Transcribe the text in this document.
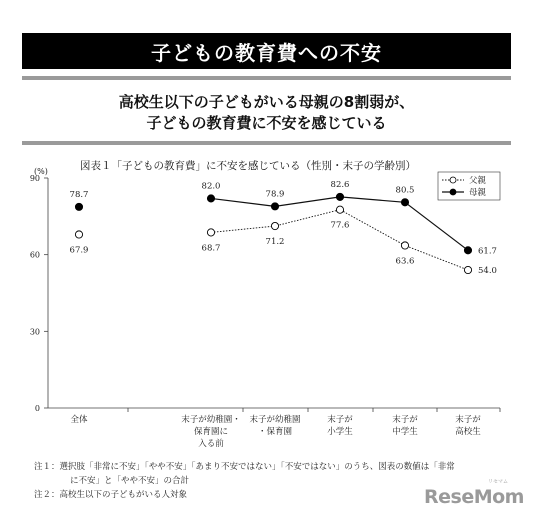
子どもの教育費への不安
高校生以下の子どもがいる母親の8割弱が、
子どもの教育費に不安を感じている
図表１「子どもの教育費」に不安を感じている（性別・末子の学齢別）
0
30
60
90
(%)
全体	末子が幼稚園・
保育園に
入る前
末子が幼稚園
・保育園
末子が
小学生
末子が
中学生
末子が
高校生
67.9	68.7
71.2
77.6
63.6
54.0
78.7
82.0
78.9
82.6
80.5
61.7
父親
母親
注１：選択肢「非常に不安」「やや不安」「あまり不安ではない」「不安ではない」のうち、図表の数値は「非常
に不安」と「やや不安」の合計
注２：高校生以下の子どもがいる人対象	ReseMom
リセマム
